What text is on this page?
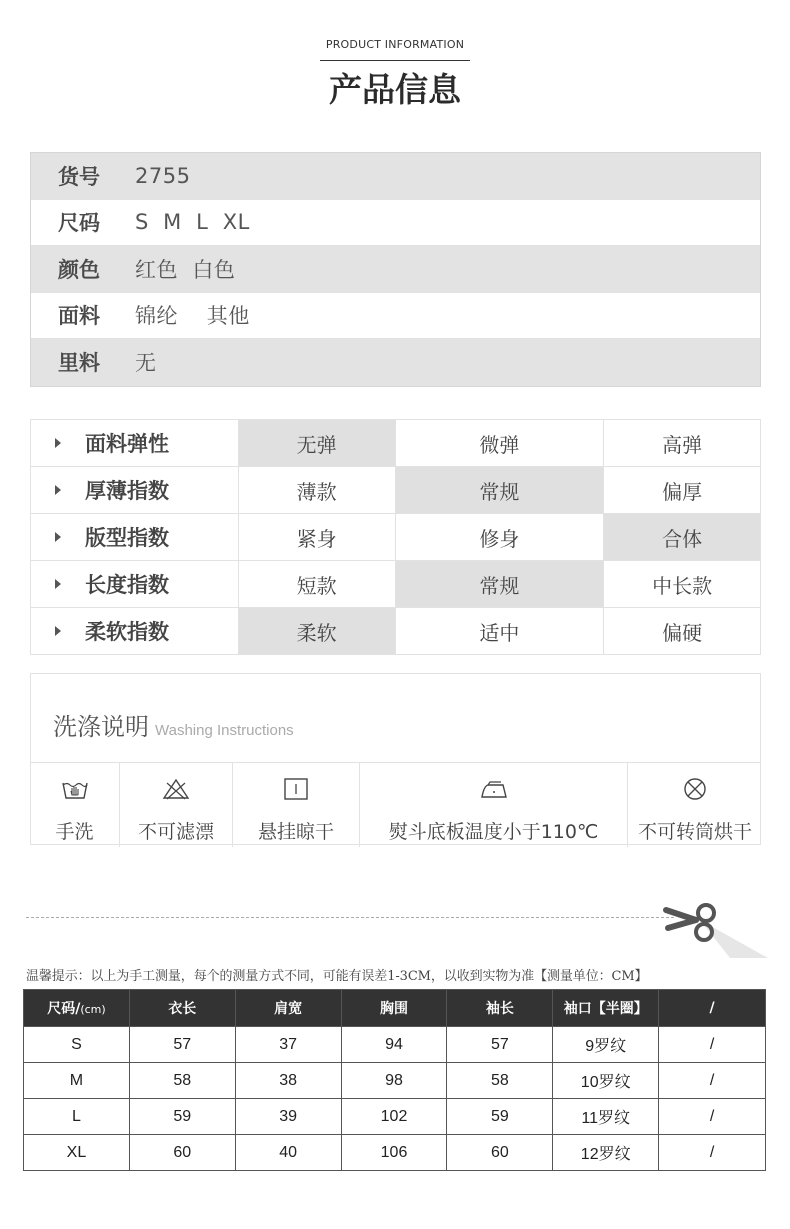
PRODUCT INFORMATION
产品信息
货号	2755
尺码	S  M  L  XL
颜色	红色  白色
面料	锦纶    其他
里料	无
面料弹性	无弹	微弹	高弹
厚薄指数	薄款	常规	偏厚
版型指数	紧身	修身	合体
长度指数	短款	常规	中长款
柔软指数	柔软	适中	偏硬
洗涤说明 Washing Instructions
手洗	不可滤漂	悬挂晾干	熨斗底板温度小于110℃	不可转筒烘干
温馨提示：以上为手工测量，每个的测量方式不同，可能有误差1-3CM，以收到实物为准【测量单位：CM】
尺码/(cm)	衣长	肩宽	胸围	袖长	袖口【半圈】	/
S	57	37	94	57	9罗纹	/
M	58	38	98	58	10罗纹	/
L	59	39	102	59	11罗纹	/
XL	60	40	106	60	12罗纹	/
